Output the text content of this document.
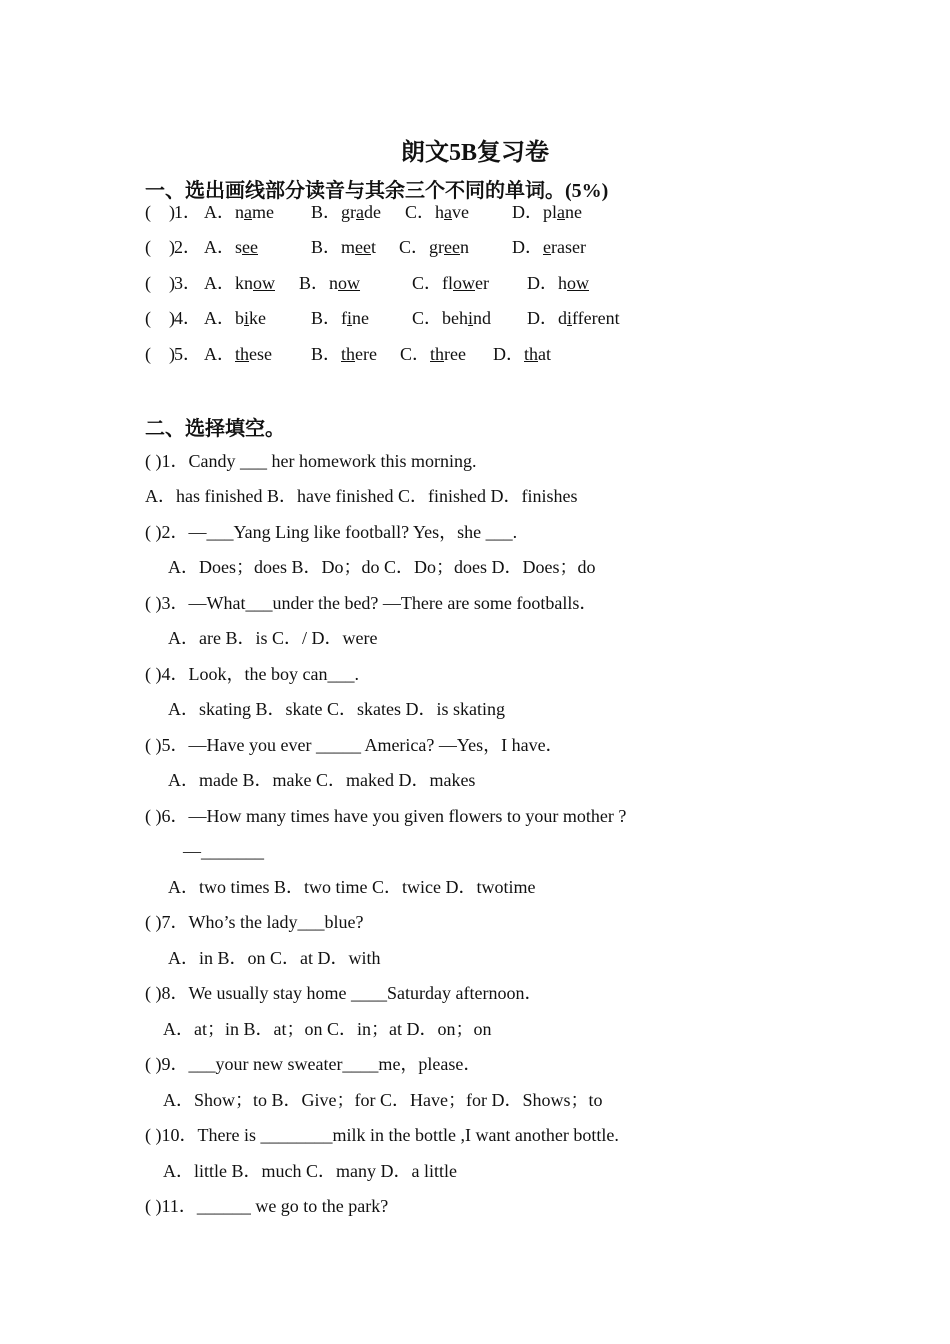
朗文5B复习卷
一、选出画线部分读音与其余三个不同的单词。(5%)
( ) 1． A．name B．grade C．have D．plane
( ) 2． A．see	B．meet C．green D．eraser
( ) 3． A．know B．now	C．flower D．how
( ) 4． A．bike B．fine C．behind D．different
( ) 5． A．these B．there C．three D．that
二、选择填空。
( )1．Candy ___ her homework this morning.
A．has finished B．have finished C．finished D．finishes
( )2．—___Yang Ling like football? Yes，she ___.
A．Does；does B．Do；do C．Do；does D．Does；do
( )3．—What___under the bed? —There are some footballs．
A．are B．is C．/ D．were
( )4．Look，the boy can___.
A．skating B．skate C．skates D．is skating
( )5．—Have you ever _____ America? —Yes，I have．
A．made B．make C．maked D．makes
( )6．—How many times have you given flowers to your mother ?
—_______
A．two times B．two time C．twice D．twotime
( )7．Who’s the lady___blue?
A．in B．on C．at D．with
( )8．We usually stay home ____Saturday afternoon．
A．at；in B．at；on C．in；at D．on；on
( )9．___your new sweater____me，please．
A．Show；to B．Give；for C．Have；for D．Shows；to
( )10．There is ________milk in the bottle ,I want another bottle.
A．little B．much C．many D．a little
( )11．______ we go to the park?
